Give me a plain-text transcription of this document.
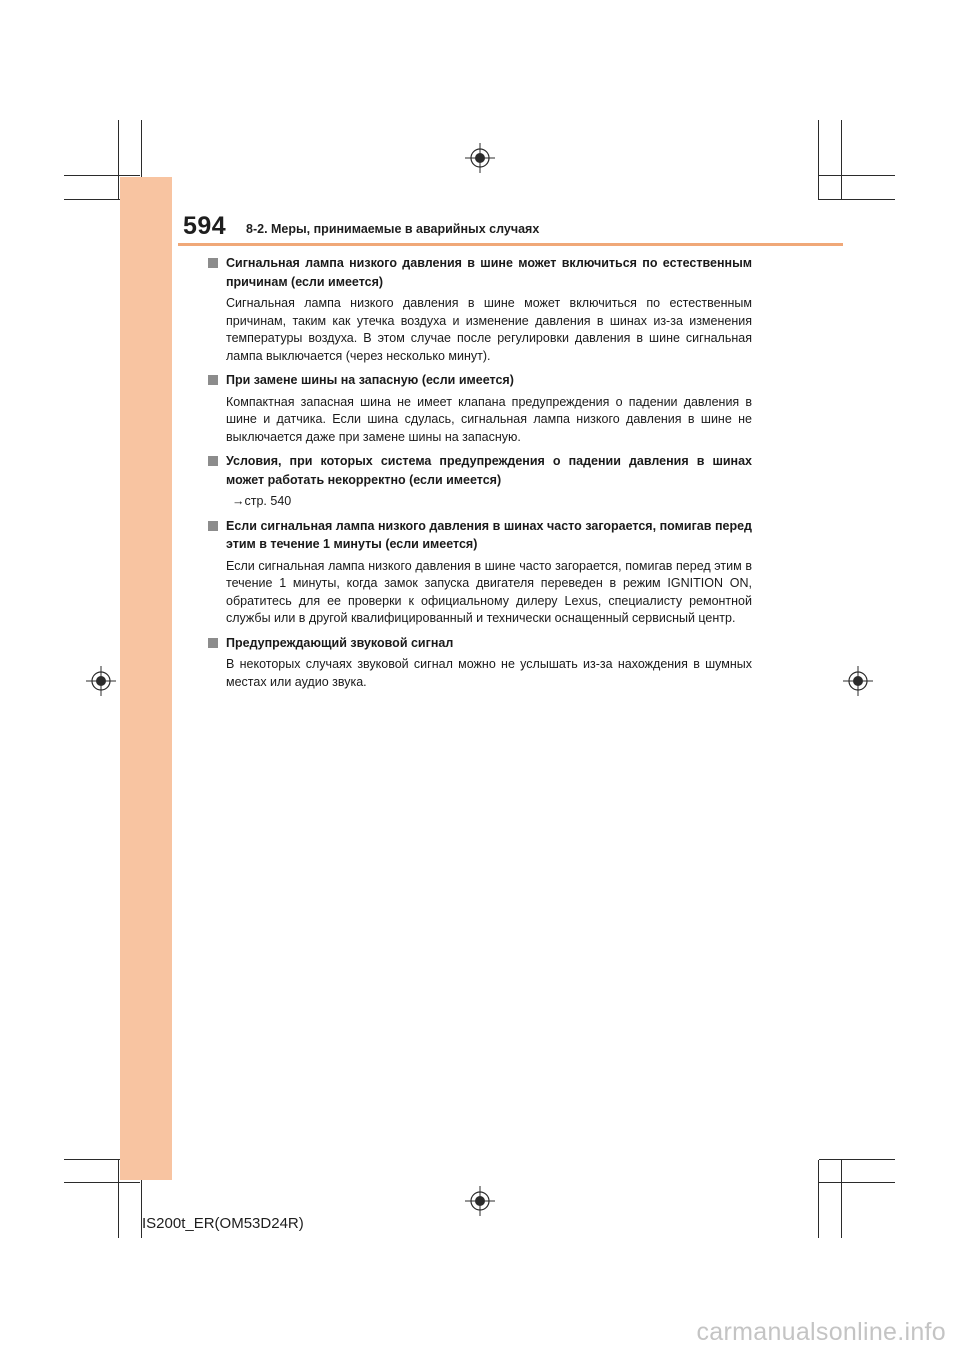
594 8-2. Меры, принимаемые в аварийных случаях
Сигнальная лампа низкого давления в шине может включиться по естественным причинам (если имеется)
Сигнальная лампа низкого давления в шине может включиться по естественным причинам, таким как утечка воздуха и изменение давления в шинах из-за изменения температуры воздуха. В этом случае после регулировки давления в шине сигнальная лампа выключается (через несколько минут).
При замене шины на запасную (если имеется)
Компактная запасная шина не имеет клапана предупреждения о падении давления в шине и датчика. Если шина сдулась, сигнальная лампа низкого давления в шине не выключается даже при замене шины на запасную.
Условия, при которых система предупреждения о падении давления в шинах может работать некорректно (если имеется)
→стр. 540
Если сигнальная лампа низкого давления в шинах часто загорается, помигав перед этим в течение 1 минуты (если имеется)
Если сигнальная лампа низкого давления в шине часто загорается, помигав перед этим в течение 1 минуты, когда замок запуска двигателя переведен в режим IGNITION ON, обратитесь для ее проверки к официальному дилеру Lexus, специалисту ремонтной службы или в другой квалифицированный и технически оснащенный сервисный центр.
Предупреждающий звуковой сигнал
В некоторых случаях звуковой сигнал можно не услышать из-за нахождения в шумных местах или аудио звука.
IS200t_ER(OM53D24R)
carmanualsonline.info
